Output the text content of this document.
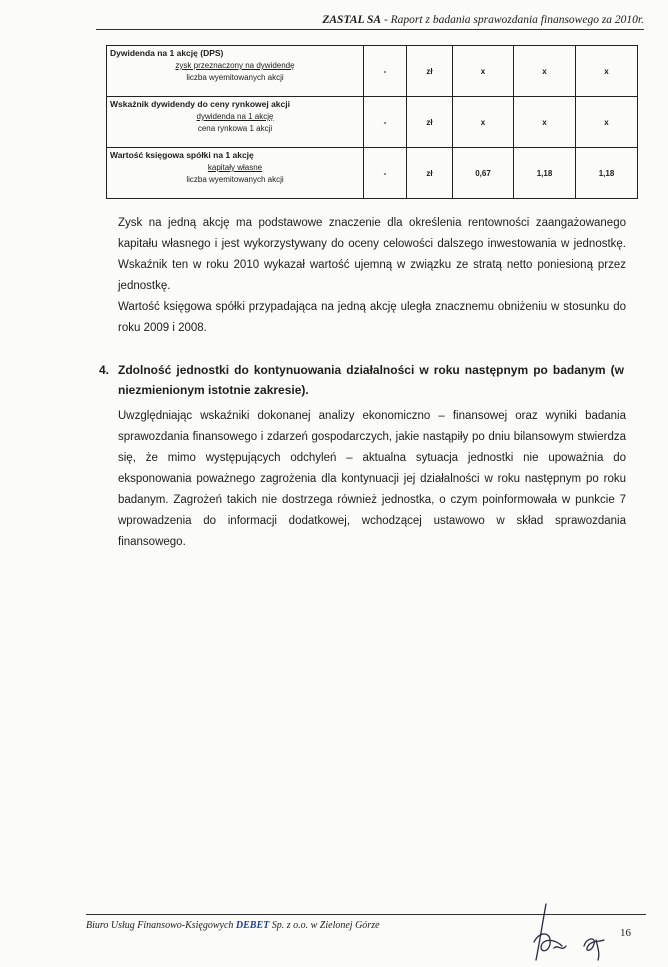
ZASTAL SA - Raport z badania sprawozdania finansowego za 2010r.
Dywidenda na 1 akcję (DPS)
zysk przeznaczony na dywidendę
liczba wyemitowanych akcji	-	zł	x	x	x

Wskaźnik dywidendy do ceny rynkowej akcji
dywidenda na 1 akcję
cena rynkowa 1 akcji	-	zł	x	x	x

Wartość księgowa spółki na 1 akcję
kapitały własne
liczba wyemitowanych akcji	-	zł	0,67	1,18	1,18

Zysk na jedną akcję ma podstawowe znaczenie dla określenia rentowności zaangażowanego kapitału własnego i jest wykorzystywany do oceny celowości dalszego inwestowania w jednostkę. Wskaźnik ten w roku 2010 wykazał wartość ujemną w związku ze stratą netto poniesioną przez jednostkę.

Wartość księgowa spółki przypadająca na jedną akcję uległa znacznemu obniżeniu w stosunku do roku 2009 i 2008.

4. Zdolność jednostki do kontynuowania działalności w roku następnym po badanym (w niezmienionym istotnie zakresie).

Uwzględniając wskaźniki dokonanej analizy ekonomiczno – finansowej oraz wyniki badania sprawozdania finansowego i zdarzeń gospodarczych, jakie nastąpiły po dniu bilansowym stwierdza się, że mimo występujących odchyleń – aktualna sytuacja jednostki nie upoważnia do eksponowania poważnego zagrożenia dla kontynuacji jej działalności w roku następnym po roku badanym. Zagrożeń takich nie dostrzega również jednostka, o czym poinformowała w punkcie 7 wprowadzenia do informacji dodatkowej, wchodzącej ustawowo w skład sprawozdania finansowego.

Biuro Usług Finansowo-Księgowych DEBET Sp. z o.o. w Zielonej Górze
16
